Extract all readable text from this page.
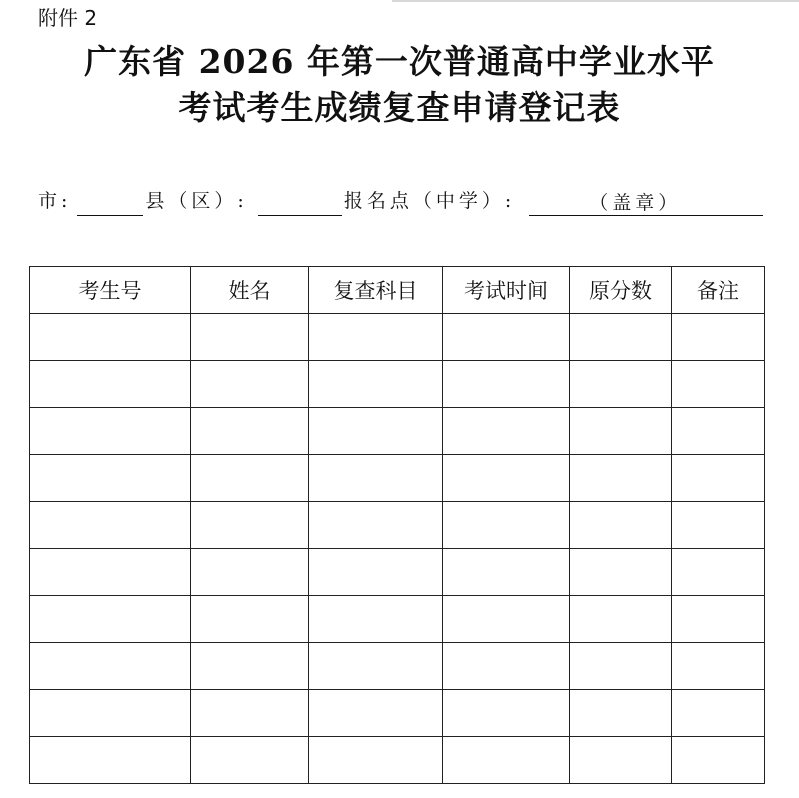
附件 2
广东省 2026 年第一次普通高中学业水平
考试考生成绩复查申请登记表
市:	县（区）:	报名点（中学）:	（盖章）
考生号	姓名	复查科目	考试时间	原分数	备注
